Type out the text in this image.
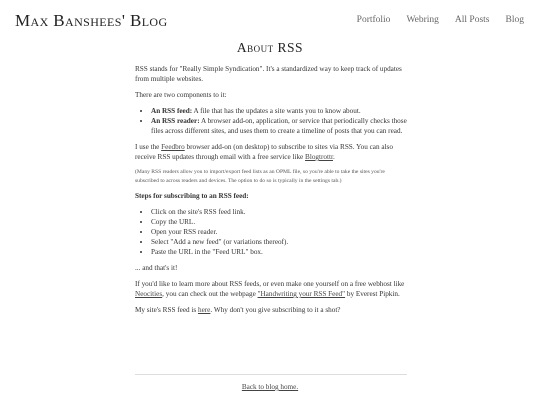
Max Banshees' Blog	Portfolio Webring All Posts Blog
About RSS

RSS stands for "Really Simple Syndication". It's a standardized way to keep track of updates from multiple websites.

There are two components to it:

• An RSS feed: A file that has the updates a site wants you to know about.
• An RSS reader: A browser add-on, application, or service that periodically checks those files across different sites, and uses them to create a timeline of posts that you can read.

I use the Feedbro browser add-on (on desktop) to subscribe to sites via RSS. You can also receive RSS updates through email with a free service like Blogtrottr.

(Many RSS readers allow you to import/export feed lists as an OPML file, so you're able to take the sites you're subscribed to across readers and devices. The option to do so is typically in the settings tab.)

Steps for subscribing to an RSS feed:

• Click on the site's RSS feed link.
• Copy the URL.
• Open your RSS reader.
• Select "Add a new feed" (or variations thereof).
• Paste the URL in the "Feed URL" box.

... and that's it!

If you'd like to learn more about RSS feeds, or even make one yourself on a free webhost like Neocities, you can check out the webpage "Handwriting your RSS Feed" by Everest Pipkin.

My site's RSS feed is here. Why don't you give subscribing to it a shot?

Back to blog home.
